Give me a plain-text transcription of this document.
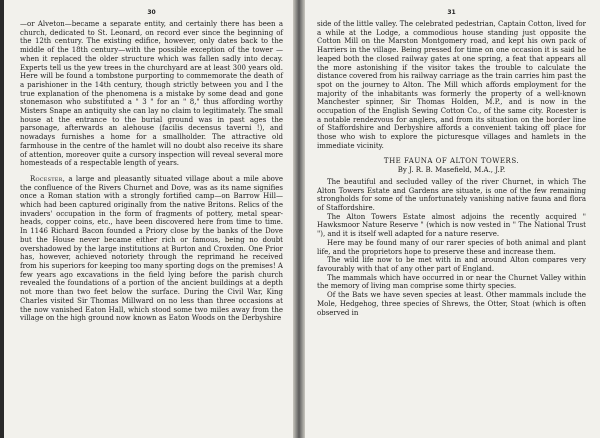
30

—or Alveton—became a separate entity, and certainly there has been a church, dedicated to St. Leonard, on record ever since the beginning of the 12th century. The existing edifice, however, only dates back to the middle of the 18th century—with the possible exception of the tower —when it replaced the older structure which was fallen sadly into decay. Experts tell us the yew trees in the churchyard are at least 300 years old. Here will be found a tombstone purporting to commemorate the death of a parishioner in the 14th century, though strictly between you and I the true explanation of the phenomena is a mistake by some dead and gone stonemason who substituted a " 3 " for an " 8," thus affording worthy Misters Snape an antiquity she can lay no claim to legitimately. The small house at the entrance to the burial ground was in past ages the parsonage, afterwards an alehouse (facilis decensus taverni !), and nowadays furnishes a home for a smallholder. The attractive old farmhouse in the centre of the hamlet will no doubt also receive its share of attention, moreover quite a cursory inspection will reveal several more homesteads of a respectable length of years.

Rocester, a large and pleasantly situated village about a mile above the confluence of the Rivers Churnet and Dove, was as its name signifies once a Roman station with a strongly fortified camp—on Barrow Hill—which had been captured originally from the native Britons. Relics of the invaders' occupation in the form of fragments of pottery, metal spear-heads, copper coins, etc., have been discovered here from time to time. In 1146 Richard Bacon founded a Priory close by the banks of the Dove but the House never became either rich or famous, being no doubt overshadowed by the large institutions at Burton and Croxden. One Prior has, however, achieved notoriety through the reprimand he received from his superiors for keeping too many sporting dogs on the premises! A few years ago excavations in the field lying before the parish church revealed the foundations of a portion of the ancient buildings at a depth not more than two feet below the surface. During the Civil War, King Charles visited Sir Thomas Millward on no less than three occasions at the now vanished Eaton Hall, which stood some two miles away from the village on the high ground now known as Eaton Woods on the Derbyshire

31

side of the little valley. The celebrated pedestrian, Captain Cotton, lived for a while at the Lodge, a commodious house standing just opposite the Cotton Mill on the Marston Montgomery road, and kept his own pack of Harriers in the village. Being pressed for time on one occasion it is said he leaped both the closed railway gates at one spring, a feat that appears all the more astonishing if the visitor takes the trouble to calculate the distance covered from his railway carriage as the train carries him past the spot on the journey to Alton. The Mill which affords employment for the majority of the inhabitants was formerly the property of a well-known Manchester spinner, Sir Thomas Holden, M.P., and is now in the occupation of the English Sewing Cotton Co., of the same city. Rocester is a notable rendezvous for anglers, and from its situation on the border line of Staffordshire and Derbyshire affords a convenient taking off place for those who wish to explore the picturesque villages and hamlets in the immediate vicinity.

THE FAUNA OF ALTON TOWERS.
By J. R. B. Masefield, M.A., J.P.

The beautiful and secluded valley of the river Churnet, in which The Alton Towers Estate and Gardens are situate, is one of the few remaining strongholds for some of the unfortunately vanishing native fauna and flora of Staffordshire.

The Alton Towers Estate almost adjoins the recently acquired " Hawksmoor Nature Reserve " (which is now vested in " The National Trust "), and it is itself well adapted for a nature reserve.

Here may be found many of our rarer species of both animal and plant life, and the proprietors hope to preserve these and increase them.

The wild life now to be met with in and around Alton compares very favourably with that of any other part of England.

The mammals which have occurred in or near the Churnet Valley within the memory of living man comprise some thirty species.

Of the Bats we have seven species at least. Other mammals include the Mole, Hedgehog, three species of Shrews, the Otter, Stoat (which is often observed in
